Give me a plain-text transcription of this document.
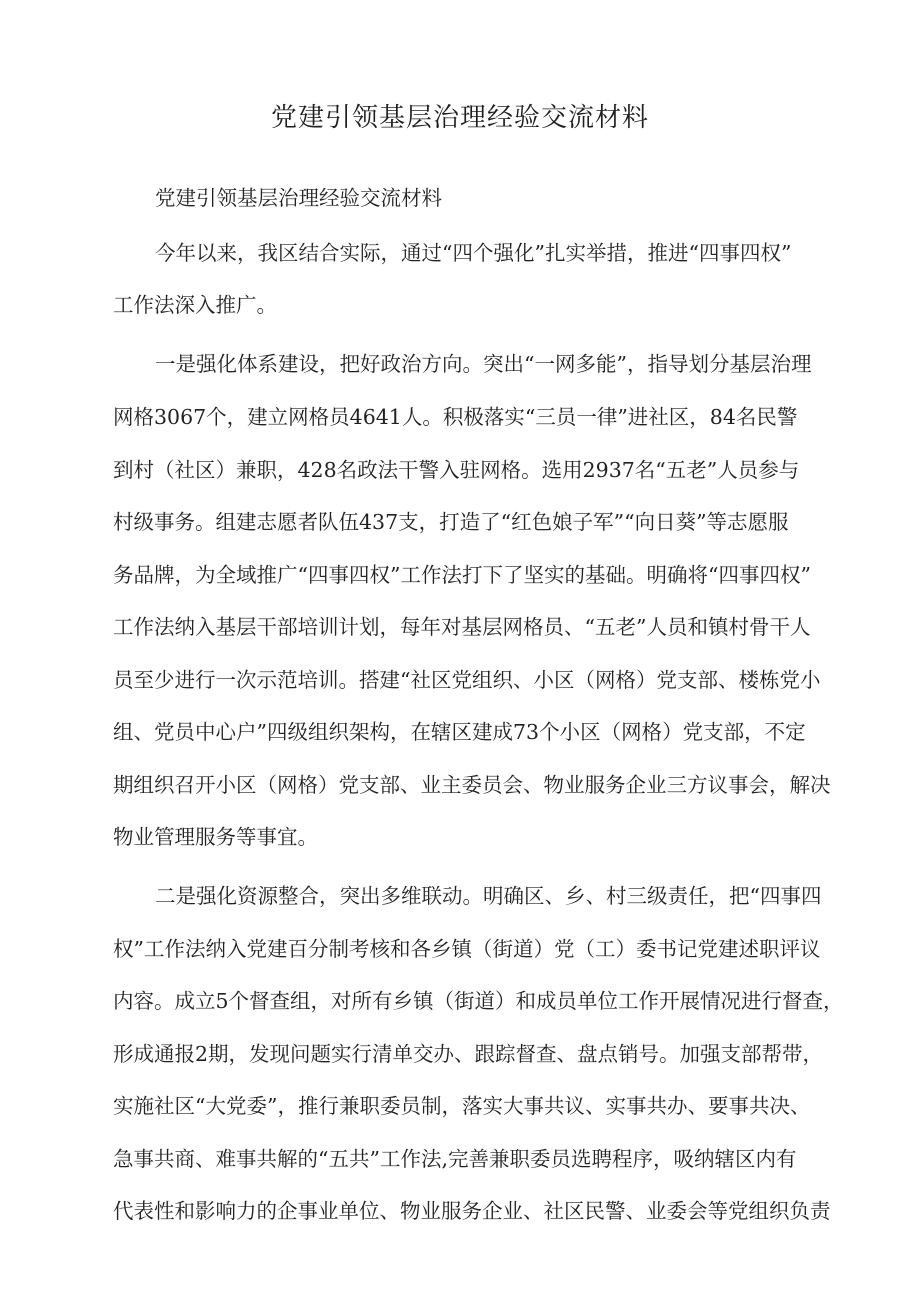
党建引领基层治理经验交流材料
党建引领基层治理经验交流材料
今年以来，我区结合实际，通过“四个强化”扎实举措，推进“四事四权”
工作法深入推广。
一是强化体系建设，把好政治方向。突出“一网多能”，指导划分基层治理
网格3067个，建立网格员4641人。积极落实“三员一律”进社区，84名民警
到村（社区）兼职，428名政法干警入驻网格。选用2937名“五老”人员参与
村级事务。组建志愿者队伍437支，打造了“红色娘子军”“向日葵”等志愿服
务品牌，为全域推广“四事四权”工作法打下了坚实的基础。明确将“四事四权”
工作法纳入基层干部培训计划，每年对基层网格员、“五老”人员和镇村骨干人
员至少进行一次示范培训。搭建“社区党组织、小区（网格）党支部、楼栋党小
组、党员中心户”四级组织架构，在辖区建成73个小区（网格）党支部，不定
期组织召开小区（网格）党支部、业主委员会、物业服务企业三方议事会，解决
物业管理服务等事宜。
二是强化资源整合，突出多维联动。明确区、乡、村三级责任，把“四事四
权”工作法纳入党建百分制考核和各乡镇（街道）党（工）委书记党建述职评议
内容。成立5个督查组，对所有乡镇（街道）和成员单位工作开展情况进行督查，
形成通报2期，发现问题实行清单交办、跟踪督查、盘点销号。加强支部帮带，
实施社区“大党委”，推行兼职委员制，落实大事共议、实事共办、要事共决、
急事共商、难事共解的“五共”工作法,完善兼职委员选聘程序，吸纳辖区内有
代表性和影响力的企事业单位、物业服务企业、社区民警、业委会等党组织负责
